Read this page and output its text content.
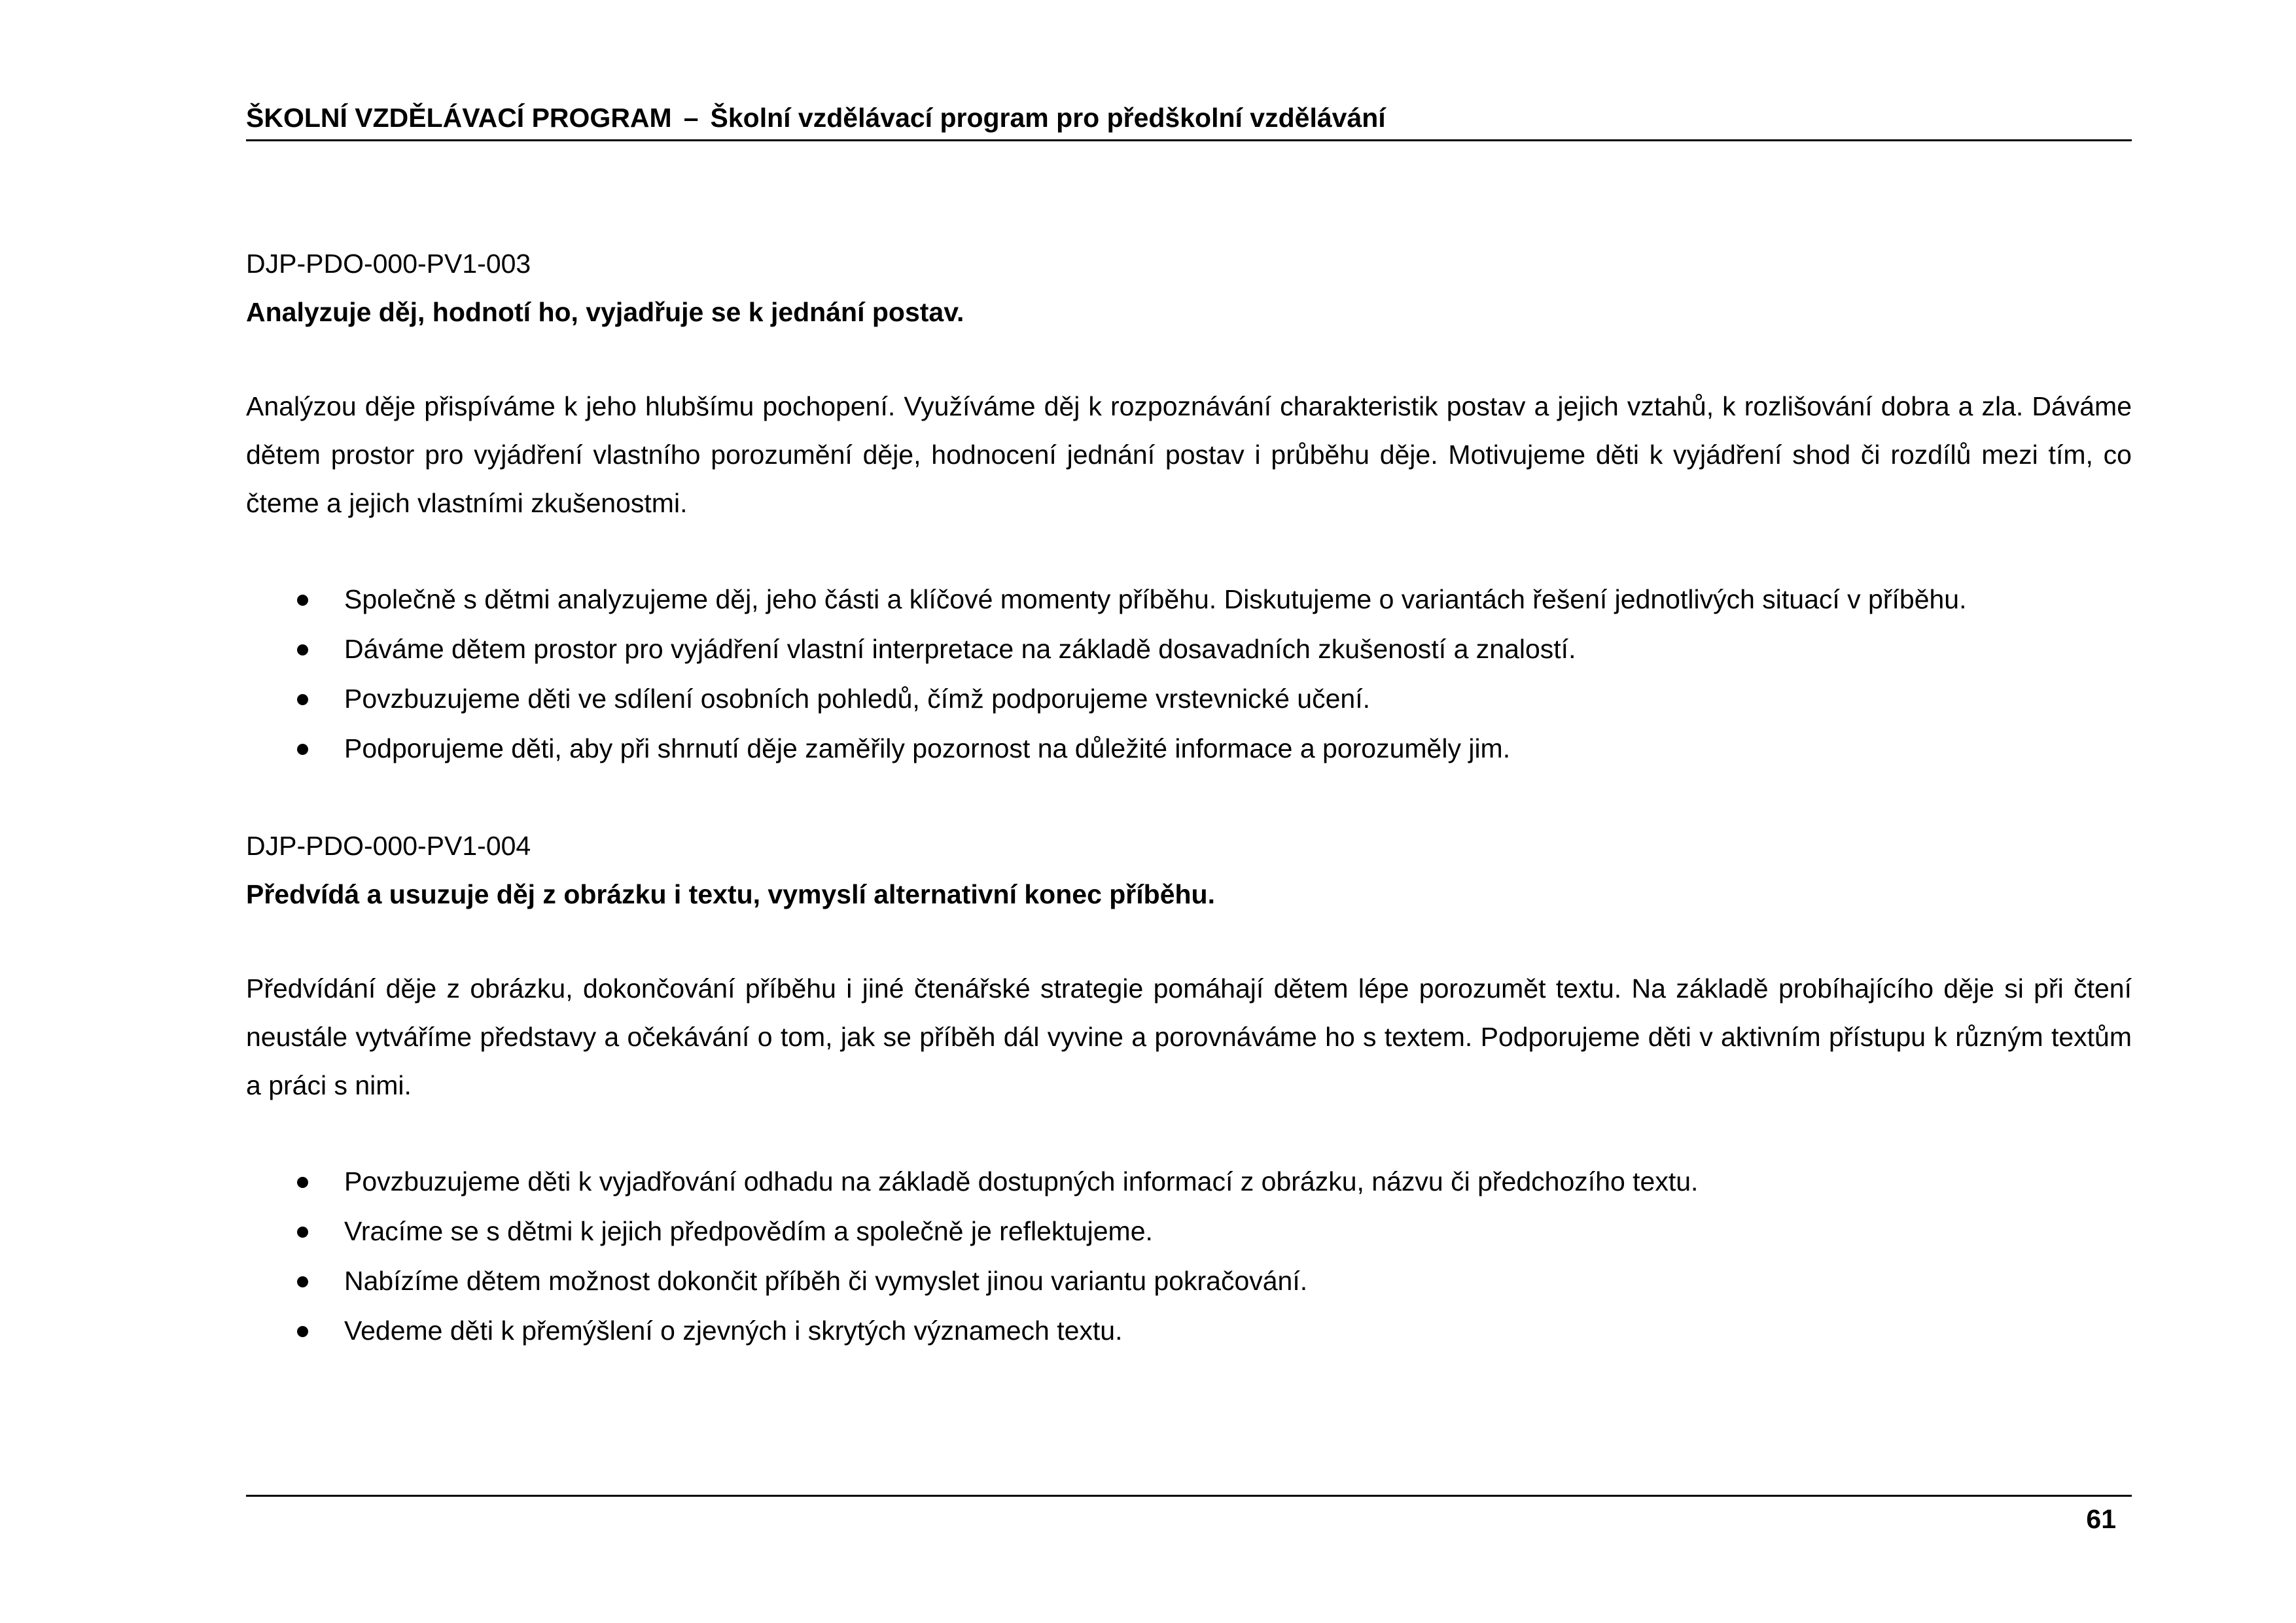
ŠKOLNÍ VZDĚLÁVACÍ PROGRAM – Školní vzdělávací program pro předškolní vzdělávání

DJP-PDO-000-PV1-003

Analyzuje děj, hodnotí ho, vyjadřuje se k jednání postav.

Analýzou děje přispíváme k jeho hlubšímu pochopení. Využíváme děj k rozpoznávání charakteristik postav a jejich vztahů, k rozlišování dobra a zla. Dáváme dětem prostor pro vyjádření vlastního porozumění děje, hodnocení jednání postav i průběhu děje. Motivujeme děti k vyjádření shod či rozdílů mezi tím, co čteme a jejich vlastními zkušenostmi.

Společně s dětmi analyzujeme děj, jeho části a klíčové momenty příběhu. Diskutujeme o variantách řešení jednotlivých situací v příběhu.
Dáváme dětem prostor pro vyjádření vlastní interpretace na základě dosavadních zkušeností a znalostí.
Povzbuzujeme děti ve sdílení osobních pohledů, čímž podporujeme vrstevnické učení.
Podporujeme děti, aby při shrnutí děje zaměřily pozornost na důležité informace a porozuměly jim.

DJP-PDO-000-PV1-004

Předvídá a usuzuje děj z obrázku i textu, vymyslí alternativní konec příběhu.

Předvídání děje z obrázku, dokončování příběhu i jiné čtenářské strategie pomáhají dětem lépe porozumět textu. Na základě probíhajícího děje si při čtení neustále vytváříme představy a očekávání o tom, jak se příběh dál vyvine a porovnáváme ho s textem. Podporujeme děti v aktivním přístupu k různým textům a práci s nimi.

Povzbuzujeme děti k vyjadřování odhadu na základě dostupných informací z obrázku, názvu či předchozího textu.
Vracíme se s dětmi k jejich předpovědím a společně je reflektujeme.
Nabízíme dětem možnost dokončit příběh či vymyslet jinou variantu pokračování.
Vedeme děti k přemýšlení o zjevných i skrytých významech textu.
61
